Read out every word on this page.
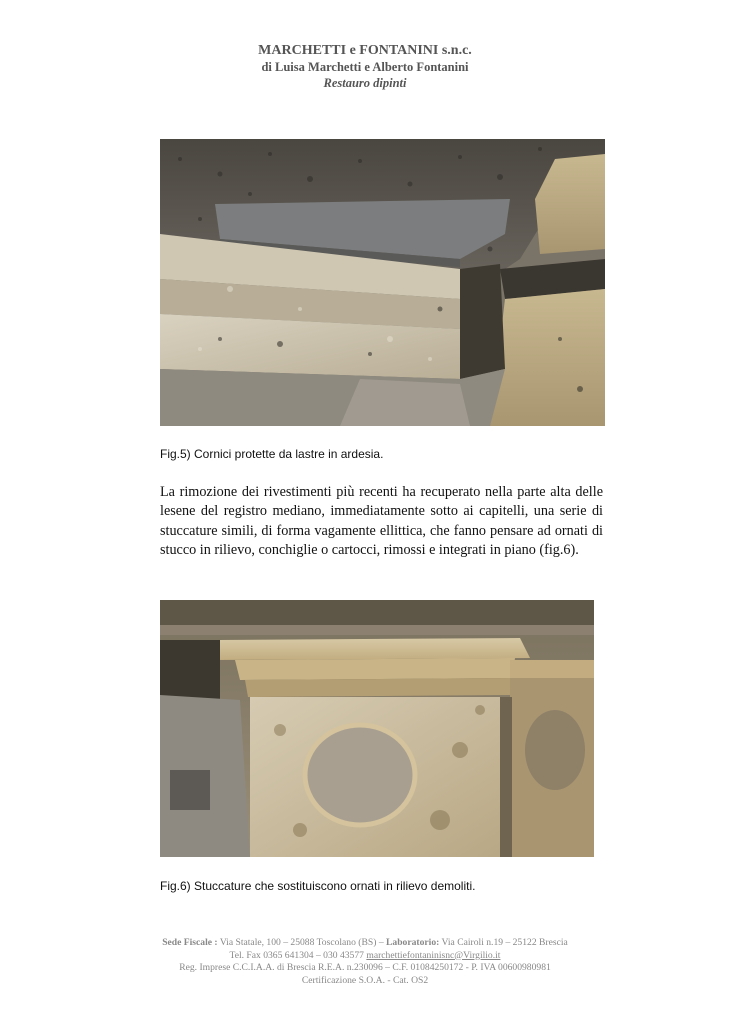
MARCHETTI e FONTANINI s.n.c.
di Luisa Marchetti e Alberto Fontanini
Restauro dipinti
Fig.5) Cornici protette da lastre in ardesia.
La rimozione dei rivestimenti più recenti ha recuperato nella parte alta delle lesene del registro mediano, immediatamente sotto ai capitelli, una serie di stuccature simili, di forma vagamente ellittica, che fanno pensare ad ornati di stucco in rilievo, conchiglie o cartocci, rimossi e integrati in piano (fig.6).
Fig.6) Stuccature che sostituiscono ornati in rilievo demoliti.
Sede Fiscale : Via Statale, 100 – 25088 Toscolano (BS) – Laboratorio: Via Cairoli n.19 – 25122 Brescia
Tel. Fax 0365 641304 – 030 43577 marchettiefontaninisnc@Virgilio.it
Reg. Imprese C.C.I.A.A. di Brescia R.E.A. n.230096 – C.F. 01084250172 - P. IVA 00600980981
Certificazione S.O.A. - Cat. OS2
